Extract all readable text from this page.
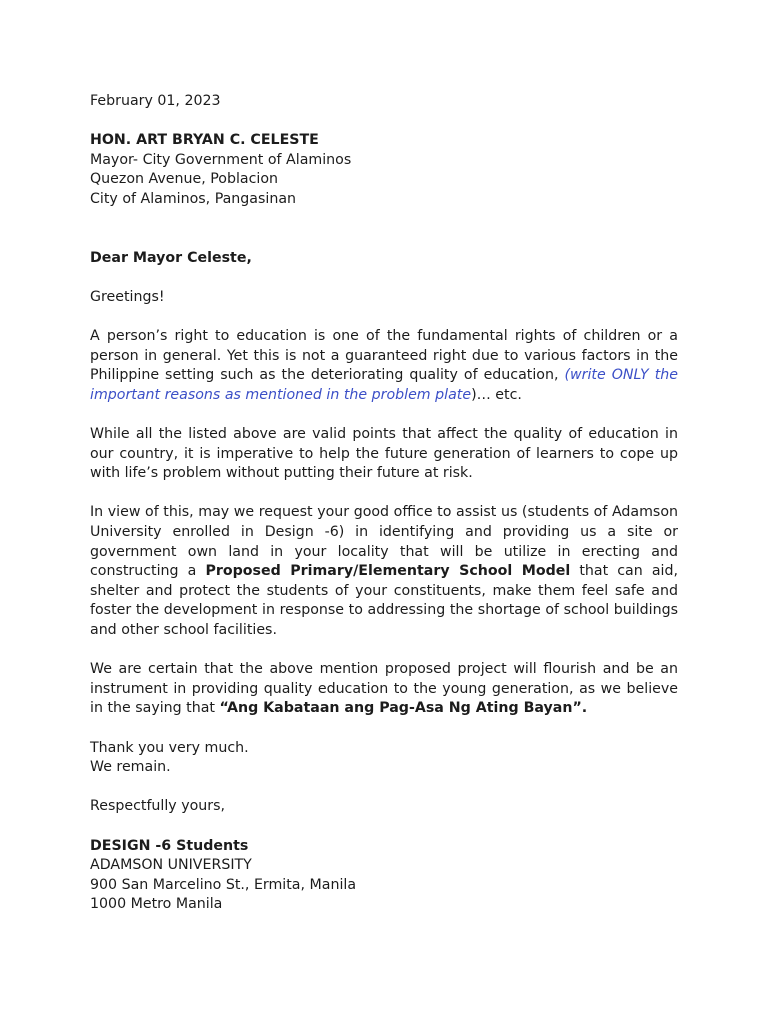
February 01, 2023
HON. ART BRYAN C. CELESTE
Mayor- City Government of Alaminos
Quezon Avenue, Poblacion
City of Alaminos, Pangasinan
Dear Mayor Celeste,
Greetings!

A person’s right to education is one of the fundamental rights of children or a person in general. Yet this is not a guaranteed right due to various factors in the Philippine setting such as the deteriorating quality of education, (write ONLY the important reasons as mentioned in the problem plate)… etc.

While all the listed above are valid points that affect the quality of education in our country, it is imperative to help the future generation of learners to cope up with life’s problem without putting their future at risk.

In view of this, may we request your good office to assist us (students of Adamson University enrolled in Design -6) in identifying and providing us a site or government own land in your locality that will be utilize in erecting and constructing a Proposed Primary/Elementary School Model that can aid, shelter and protect the students of your constituents, make them feel safe and foster the development in response to addressing the shortage of school buildings and other school facilities.

We are certain that the above mention proposed project will flourish and be an instrument in providing quality education to the young generation, as we believe in the saying that “Ang Kabataan ang Pag-Asa Ng Ating Bayan”.

Thank you very much.
We remain.
Respectfully yours,
DESIGN -6 Students
ADAMSON UNIVERSITY
900 San Marcelino St., Ermita, Manila
1000 Metro Manila
